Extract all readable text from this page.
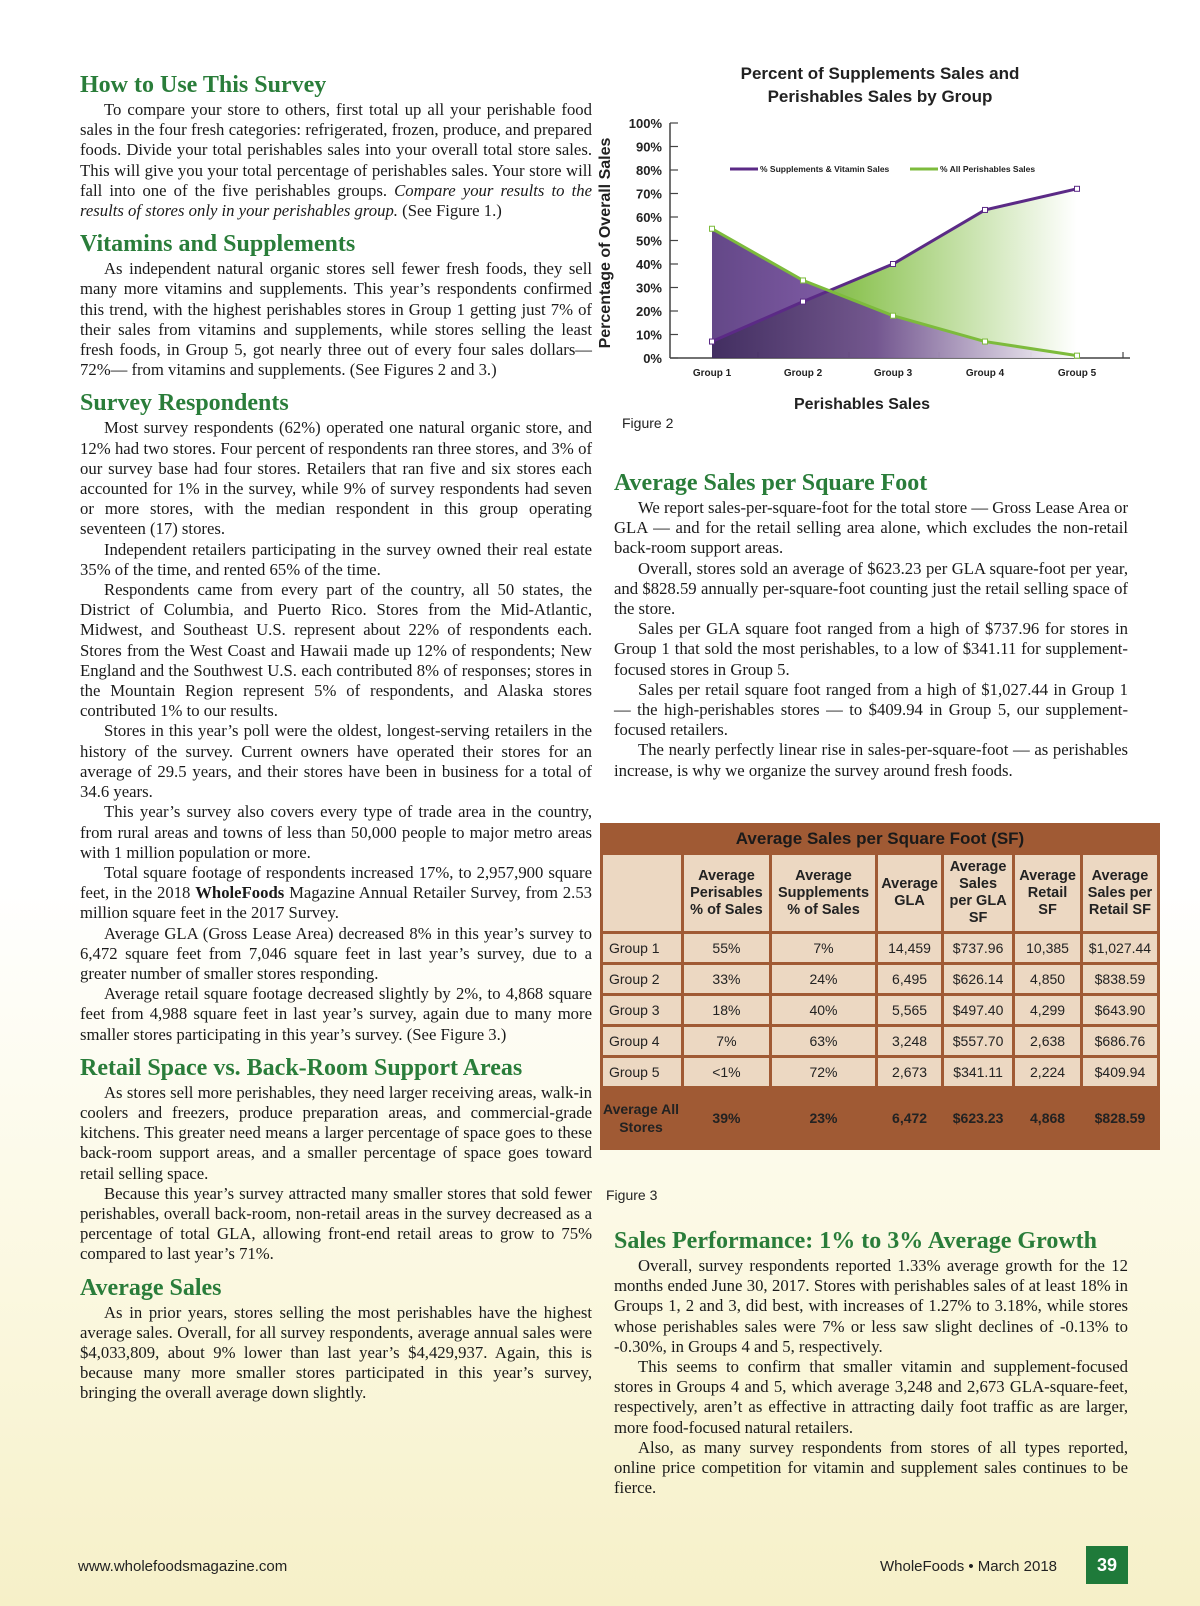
How to Use This Survey

To compare your store to others, first total up all your perishable food sales in the four fresh categories: refrigerated, frozen, produce, and prepared foods. Divide your total perishables sales into your overall total store sales. This will give you your total percentage of perishables sales. Your store will fall into one of the five perishables groups. Compare your results to the results of stores only in your perishables group. (See Figure 1.)

Vitamins and Supplements

As independent natural organic stores sell fewer fresh foods, they sell many more vitamins and supplements. This year’s respondents confirmed this trend, with the highest perishables stores in Group 1 getting just 7% of their sales from vitamins and supplements, while stores selling the least fresh foods, in Group 5, got nearly three out of every four sales dollars—72%— from vitamins and supplements. (See Figures 2 and 3.)

Survey Respondents

Most survey respondents (62%) operated one natural organic store, and 12% had two stores. Four percent of respondents ran three stores, and 3% of our survey base had four stores. Retailers that ran five and six stores each accounted for 1% in the survey, while 9% of survey respondents had seven or more stores, with the median respondent in this group operating seventeen (17) stores.

Independent retailers participating in the survey owned their real estate 35% of the time, and rented 65% of the time.

Respondents came from every part of the country, all 50 states, the District of Columbia, and Puerto Rico. Stores from the Mid-Atlantic, Midwest, and Southeast U.S. represent about 22% of respondents each. Stores from the West Coast and Hawaii made up 12% of respondents; New England and the Southwest U.S. each contributed 8% of responses; stores in the Mountain Region represent 5% of respondents, and Alaska stores contributed 1% to our results.

Stores in this year’s poll were the oldest, longest-serving retailers in the history of the survey. Current owners have operated their stores for an average of 29.5 years, and their stores have been in business for a total of 34.6 years.

This year’s survey also covers every type of trade area in the country, from rural areas and towns of less than 50,000 people to major metro areas with 1 million population or more.

Total square footage of respondents increased 17%, to 2,957,900 square feet, in the 2018 WholeFoods Magazine Annual Retailer Survey, from 2.53 million square feet in the 2017 Survey.

Average GLA (Gross Lease Area) decreased 8% in this year’s survey to 6,472 square feet from 7,046 square feet in last year’s survey, due to a greater number of smaller stores responding.

Average retail square footage decreased slightly by 2%, to 4,868 square feet from 4,988 square feet in last year’s survey, again due to many more smaller stores participating in this year’s survey. (See Figure 3.)

Retail Space vs. Back-Room Support Areas

As stores sell more perishables, they need larger receiving areas, walk-in coolers and freezers, produce preparation areas, and commercial-grade kitchens. This greater need means a larger percentage of space goes to these back-room support areas, and a smaller percentage of space goes toward retail selling space.

Because this year’s survey attracted many smaller stores that sold fewer perishables, overall back-room, non-retail areas in the survey decreased as a percentage of total GLA, allowing front-end retail areas to grow to 75% compared to last year’s 71%.

Average Sales

As in prior years, stores selling the most perishables have the highest average sales. Overall, for all survey respondents, average annual sales were $4,033,809, about 9% lower than last year’s $4,429,937. Again, this is because many more smaller stores participated in this year’s survey, bringing the overall average down slightly.

Percent of Supplements Sales and
Perishables Sales by Group
Percentage of Overall Sales
Perishables Sales
0%
10%
20%
30%
40%
50%
60%
70%
80%
90%
100%
Group 1	Group 2	Group 3	Group 4	Group 5
% Supplements & Vitamin Sales	% All Perishables Sales
Figure 2
Average Sales per Square Foot

We report sales-per-square-foot for the total store — Gross Lease Area or GLA — and for the retail selling area alone, which excludes the non-retail back-room support areas.

Overall, stores sold an average of $623.23 per GLA square-foot per year, and $828.59 annually per-square-foot counting just the retail selling space of the store.

Sales per GLA square foot ranged from a high of $737.96 for stores in Group 1 that sold the most perishables, to a low of $341.11 for supplement-focused stores in Group 5.

Sales per retail square foot ranged from a high of $1,027.44 in Group 1 — the high-perishables stores — to $409.94 in Group 5, our supplement-focused retailers.

The nearly perfectly linear rise in sales-per-square-foot — as perishables increase, is why we organize the survey around fresh foods.

Average Sales per Square Foot (SF)						
	Average Perisables % of Sales	Average Supplements % of Sales	Average GLA	Average Sales per GLA SF	Average Retail SF	Average Sales per Retail SF
Group 1	55%	7%	14,459	$737.96	10,385	$1,027.44
Group 2	33%	24%	6,495	$626.14	4,850	$838.59
Group 3	18%	40%	5,565	$497.40	4,299	$643.90
Group 4	7%	63%	3,248	$557.70	2,638	$686.76
Group 5	<1%	72%	2,673	$341.11	2,224	$409.94
Average All Stores	39%	23%	6,472	$623.23	4,868	$828.59
Figure 3
Sales Performance: 1% to 3% Average Growth

Overall, survey respondents reported 1.33% average growth for the 12 months ended June 30, 2017. Stores with perishables sales of at least 18% in Groups 1, 2 and 3, did best, with increases of 1.27% to 3.18%, while stores whose perishables sales were 7% or less saw slight declines of -0.13% to -0.30%, in Groups 4 and 5, respectively.

This seems to confirm that smaller vitamin and supplement-focused stores in Groups 4 and 5, which average 3,248 and 2,673 GLA-square-feet, respectively, aren’t as effective in attracting daily foot traffic as are larger, more food-focused natural retailers.

Also, as many survey respondents from stores of all types reported, online price competition for vitamin and supplement sales continues to be fierce.

www.wholefoodsmagazine.com	WholeFoods • March 2018	39
